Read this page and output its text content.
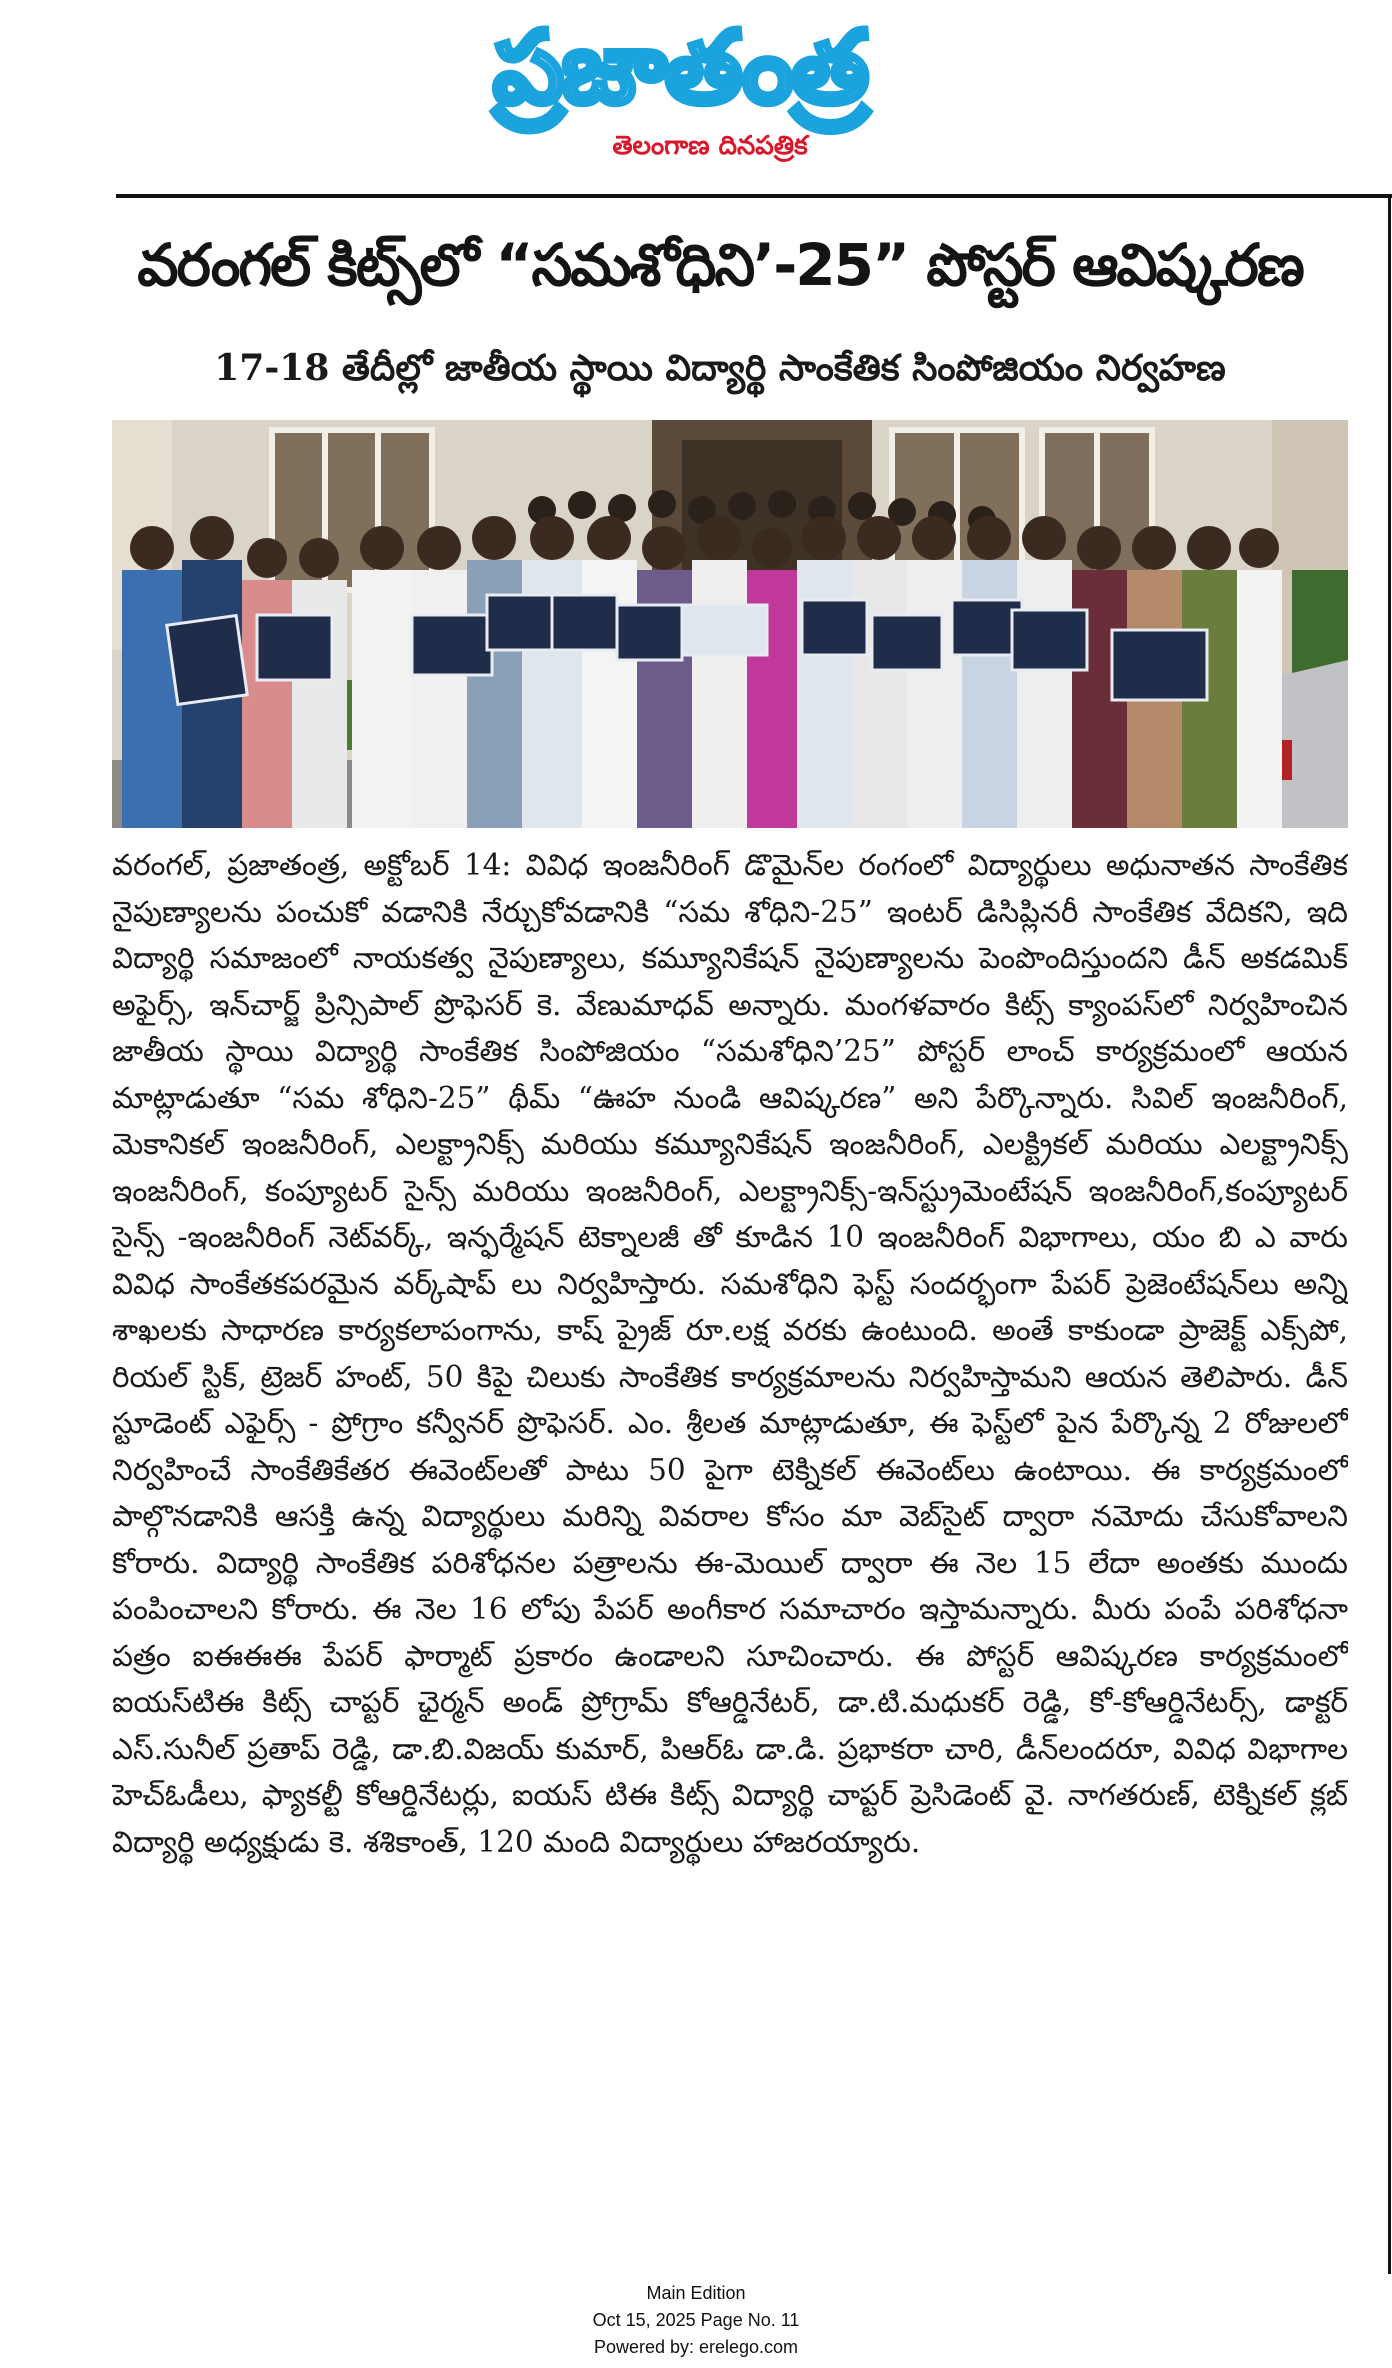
ప్రజాతంత్ర
తెలంగాణ దినపత్రిక
వరంగల్ కిట్స్‌లో “సమశోధిని’-25” పోస్టర్ ఆవిష్కరణ
17-18 తేదీల్లో జాతీయ స్థాయి విద్యార్థి సాంకేతిక సింపోజియం నిర్వహణ
వరంగల్, ప్రజాతంత్ర, అక్టోబర్ 14: వివిధ ఇంజనీరింగ్ డొమైన్‌ల రంగంలో విద్యార్థులు అధునాతన సాంకేతిక నైపుణ్యాలను పంచుకో వడానికి నేర్చుకోవడానికి “సమ శోధిని-25” ఇంటర్ డిసిప్లినరీ సాంకేతిక వేదికని, ఇది విద్యార్థి సమాజంలో నాయకత్వ నైపుణ్యాలు, కమ్యూనికేషన్ నైపుణ్యాలను పెంపొందిస్తుందని డీన్ అకడమిక్ అఫైర్స్, ఇన్‌చార్జ్ ప్రిన్సిపాల్ ప్రొఫెసర్ కె. వేణుమాధవ్ అన్నారు. మంగళవారం కిట్స్ క్యాంపస్‌లో నిర్వహించిన జాతీయ స్థాయి విద్యార్థి సాంకేతిక సింపోజియం “సమశోధిని’25” పోస్టర్ లాంచ్ కార్యక్రమంలో ఆయన మాట్లాడుతూ “సమ శోధిని-25” థీమ్ “ఊహ నుండి ఆవిష్కరణ” అని పేర్కొన్నారు. సివిల్ ఇంజనీరింగ్, మెకానికల్ ఇంజనీరింగ్, ఎలక్ట్రానిక్స్ మరియు కమ్యూనికేషన్ ఇంజనీరింగ్, ఎలక్ట్రికల్ మరియు ఎలక్ట్రానిక్స్ ఇంజనీరింగ్, కంప్యూటర్ సైన్స్ మరియు ఇంజనీరింగ్, ఎలక్ట్రానిక్స్-ఇన్‌స్ట్రుమెంటేషన్ ఇంజనీరింగ్,కంప్యూటర్ సైన్స్ -ఇంజనీరింగ్ నెట్‌వర్క్, ఇన్ఫర్మేషన్ టెక్నాలజీ తో కూడిన 10 ఇంజనీరింగ్ విభాగాలు, యం బి ఎ వారు వివిధ సాంకేతకపరమైన వర్క్‌షాప్ లు నిర్వహిస్తారు. సమశోధిని ఫెస్ట్ సందర్భంగా పేపర్ ప్రెజెంటేషన్‌లు అన్ని శాఖలకు సాధారణ కార్యకలాపంగాను, కాష్ ప్రైజ్ రూ.లక్ష వరకు ఉంటుంది. అంతే కాకుండా ప్రాజెక్ట్ ఎక్స్‌పో, రియల్ స్టిక్, ట్రెజర్ హంట్, 50 కిపై చిలుకు సాంకేతిక కార్యక్రమాలను నిర్వహిస్తామని ఆయన తెలిపారు. డీన్ స్టూడెంట్ ఎఫైర్స్ - ప్రోగ్రాం కన్వీనర్ ప్రొఫెసర్. ఎం. శ్రీలత మాట్లాడుతూ, ఈ ఫెస్ట్‌లో పైన పేర్కొన్న 2 రోజులలో నిర్వహించే సాంకేతికేతర ఈవెంట్‌లతో పాటు 50 పైగా టెక్నికల్ ఈవెంట్‌లు ఉంటాయి. ఈ కార్యక్రమంలో పాల్గొనడానికి ఆసక్తి ఉన్న విద్యార్థులు మరిన్ని వివరాల కోసం మా వెబ్‌సైట్ ద్వారా నమోదు చేసుకోవాలని కోరారు. విద్యార్థి సాంకేతిక పరిశోధనల పత్రాలను ఈ-మెయిల్ ద్వారా ఈ నెల 15 లేదా అంతకు ముందు పంపించాలని కోరారు. ఈ నెల 16 లోపు పేపర్ అంగీకార సమాచారం ఇస్తామన్నారు. మీరు పంపే పరిశోధనా పత్రం ఐఈఈఈ పేపర్ ఫార్మాట్ ప్రకారం ఉండాలని సూచించారు. ఈ పోస్టర్ ఆవిష్కరణ కార్యక్రమంలో ఐయస్‌టిఈ కిట్స్ చాప్టర్ ఛైర్మన్ అండ్ ప్రోగ్రామ్ కోఆర్డినేటర్, డా.టి.మధుకర్ రెడ్డి, కో-కోఆర్డినేటర్స్, డాక్టర్ ఎస్.సునీల్ ప్రతాప్ రెడ్డి, డా.బి.విజయ్ కుమార్, పిఆర్ఓ డా.డి. ప్రభాకరా చారి, డీన్‌లందరూ, వివిధ విభాగాల హెచ్ఓడీలు, ఫ్యాకల్టీ కోఆర్డినేటర్లు, ఐయస్ టిఈ కిట్స్ విద్యార్థి చాప్టర్ ప్రెసిడెంట్ వై. నాగతరుణ్, టెక్నికల్ క్లబ్ విద్యార్థి అధ్యక్షుడు కె. శశికాంత్, 120 మంది విద్యార్థులు హాజరయ్యారు.
Main Edition
Oct 15, 2025 Page No. 11
Powered by: erelego.com
